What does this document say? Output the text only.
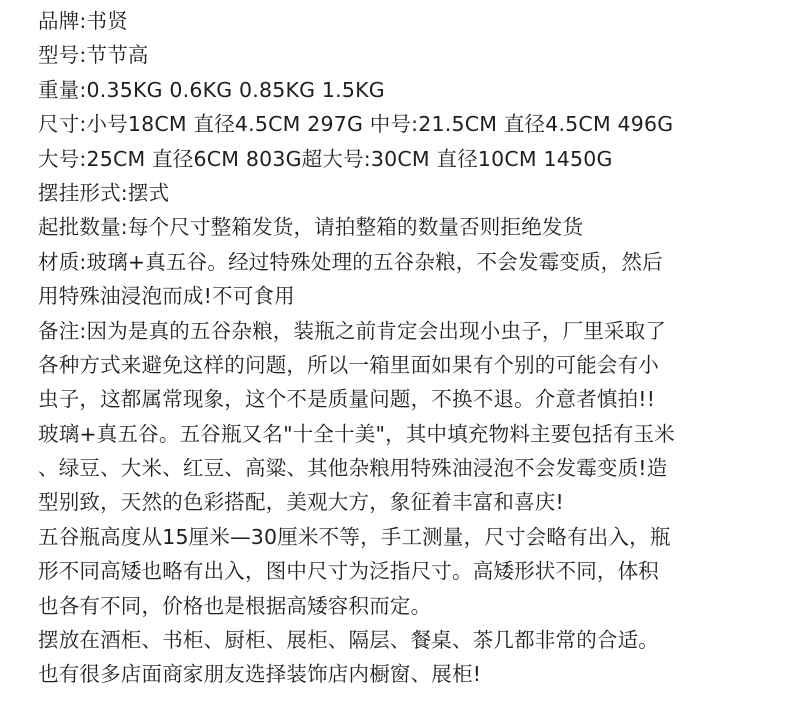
品牌:书贤
型号:节节高
重量:0.35KG 0.6KG 0.85KG 1.5KG
尺寸:小号18CM 直径4.5CM 297G 中号:21.5CM 直径4.5CM 496G
大号:25CM 直径6CM 803G超大号:30CM 直径10CM 1450G
摆挂形式:摆式
起批数量:每个尺寸整箱发货，请拍整箱的数量否则拒绝发货
材质:玻璃+真五谷。经过特殊处理的五谷杂粮，不会发霉变质，然后
用特殊油浸泡而成!不可食用
备注:因为是真的五谷杂粮，装瓶之前肯定会出现小虫子，厂里采取了
各种方式来避免这样的问题，所以一箱里面如果有个别的可能会有小
虫子，这都属常现象，这个不是质量问题，不换不退。介意者慎拍!!
玻璃+真五谷。五谷瓶又名"十全十美"，其中填充物料主要包括有玉米
、绿豆、大米、红豆、高粱、其他杂粮用特殊油浸泡不会发霉变质!造
型别致，天然的色彩搭配，美观大方，象征着丰富和喜庆!
五谷瓶高度从15厘米—30厘米不等，手工测量，尺寸会略有出入，瓶
形不同高矮也略有出入，图中尺寸为泛指尺寸。高矮形状不同，体积
也各有不同，价格也是根据高矮容积而定。
摆放在酒柜、书柜、厨柜、展柜、隔层、餐桌、茶几都非常的合适。
也有很多店面商家朋友选择装饰店内橱窗、展柜!
